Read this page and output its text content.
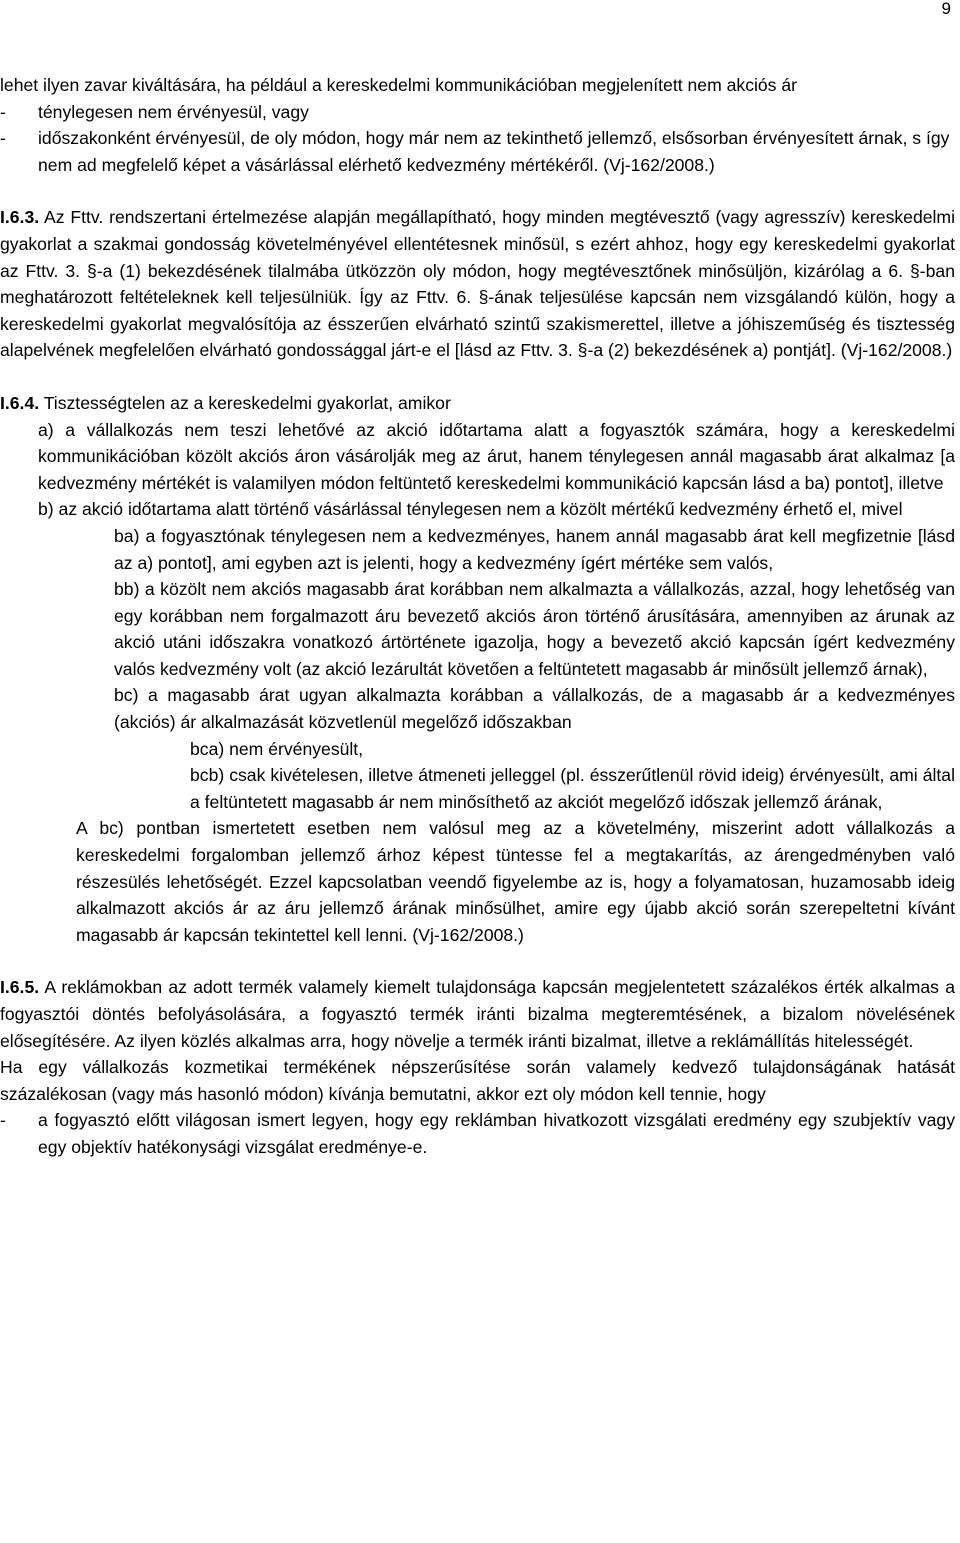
9

lehet ilyen zavar kiváltására, ha például a kereskedelmi kommunikációban megjelenített nem akciós ár

-	ténylegesen nem érvényesül, vagy
-	időszakonként érvényesül, de oly módon, hogy már nem az tekinthető jellemző, elsősorban érvényesített árnak, s így nem ad megfelelő képet a vásárlással elérhető kedvezmény mértékéről. (Vj-162/2008.)

I.6.3. Az Fttv. rendszertani értelmezése alapján megállapítható, hogy minden megtévesztő (vagy agresszív) kereskedelmi gyakorlat a szakmai gondosság követelményével ellentétesnek minősül, s ezért ahhoz, hogy egy kereskedelmi gyakorlat az Fttv. 3. §-a (1) bekezdésének tilalmába ütközzön oly módon, hogy megtévesztőnek minősüljön, kizárólag a 6. §-ban meghatározott feltételeknek kell teljesülniük. Így az Fttv. 6. §-ának teljesülése kapcsán nem vizsgálandó külön, hogy a kereskedelmi gyakorlat megvalósítója az ésszerűen elvárható szintű szakismerettel, illetve a jóhiszeműség és tisztesség alapelvének megfelelően elvárható gondossággal járt-e el [lásd az Fttv. 3. §-a (2) bekezdésének a) pontját]. (Vj-162/2008.)

I.6.4. Tisztességtelen az a kereskedelmi gyakorlat, amikor

a) a vállalkozás nem teszi lehetővé az akció időtartama alatt a fogyasztók számára, hogy a kereskedelmi kommunikációban közölt akciós áron vásárolják meg az árut, hanem ténylegesen annál magasabb árat alkalmaz [a kedvezmény mértékét is valamilyen módon feltüntető kereskedelmi kommunikáció kapcsán lásd a ba) pontot], illetve

b) az akció időtartama alatt történő vásárlással ténylegesen nem a közölt mértékű kedvezmény érhető el, mivel

ba) a fogyasztónak ténylegesen nem a kedvezményes, hanem annál magasabb árat kell megfizetnie [lásd az a) pontot], ami egyben azt is jelenti, hogy a kedvezmény ígért mértéke sem valós,

bb) a közölt nem akciós magasabb árat korábban nem alkalmazta a vállalkozás, azzal, hogy lehetőség van egy korábban nem forgalmazott áru bevezető akciós áron történő árusítására, amennyiben az árunak az akció utáni időszakra vonatkozó ártörténete igazolja, hogy a bevezető akció kapcsán ígért kedvezmény valós kedvezmény volt (az akció lezárultát követően a feltüntetett magasabb ár minősült jellemző árnak),

bc) a magasabb árat ugyan alkalmazta korábban a vállalkozás, de a magasabb ár a kedvezményes (akciós) ár alkalmazását közvetlenül megelőző időszakban

bca) nem érvényesült,

bcb) csak kivételesen, illetve átmeneti jelleggel (pl. ésszerűtlenül rövid ideig) érvényesült, ami által a feltüntetett magasabb ár nem minősíthető az akciót megelőző időszak jellemző árának,

A bc) pontban ismertetett esetben nem valósul meg az a követelmény, miszerint adott vállalkozás a kereskedelmi forgalomban jellemző árhoz képest tüntesse fel a megtakarítás, az árengedményben való részesülés lehetőségét. Ezzel kapcsolatban veendő figyelembe az is, hogy a folyamatosan, huzamosabb ideig alkalmazott akciós ár az áru jellemző árának minősülhet, amire egy újabb akció során szerepeltetni kívánt magasabb ár kapcsán tekintettel kell lenni. (Vj-162/2008.)

I.6.5. A reklámokban az adott termék valamely kiemelt tulajdonsága kapcsán megjelentetett százalékos érték alkalmas a fogyasztói döntés befolyásolására, a fogyasztó termék iránti bizalma megteremtésének, a bizalom növelésének elősegítésére. Az ilyen közlés alkalmas arra, hogy növelje a termék iránti bizalmat, illetve a reklámállítás hitelességét.

Ha egy vállalkozás kozmetikai termékének népszerűsítése során valamely kedvező tulajdonságának hatását százalékosan (vagy más hasonló módon) kívánja bemutatni, akkor ezt oly módon kell tennie, hogy

-	a fogyasztó előtt világosan ismert legyen, hogy egy reklámban hivatkozott vizsgálati eredmény egy szubjektív vagy egy objektív hatékonysági vizsgálat eredménye-e.
